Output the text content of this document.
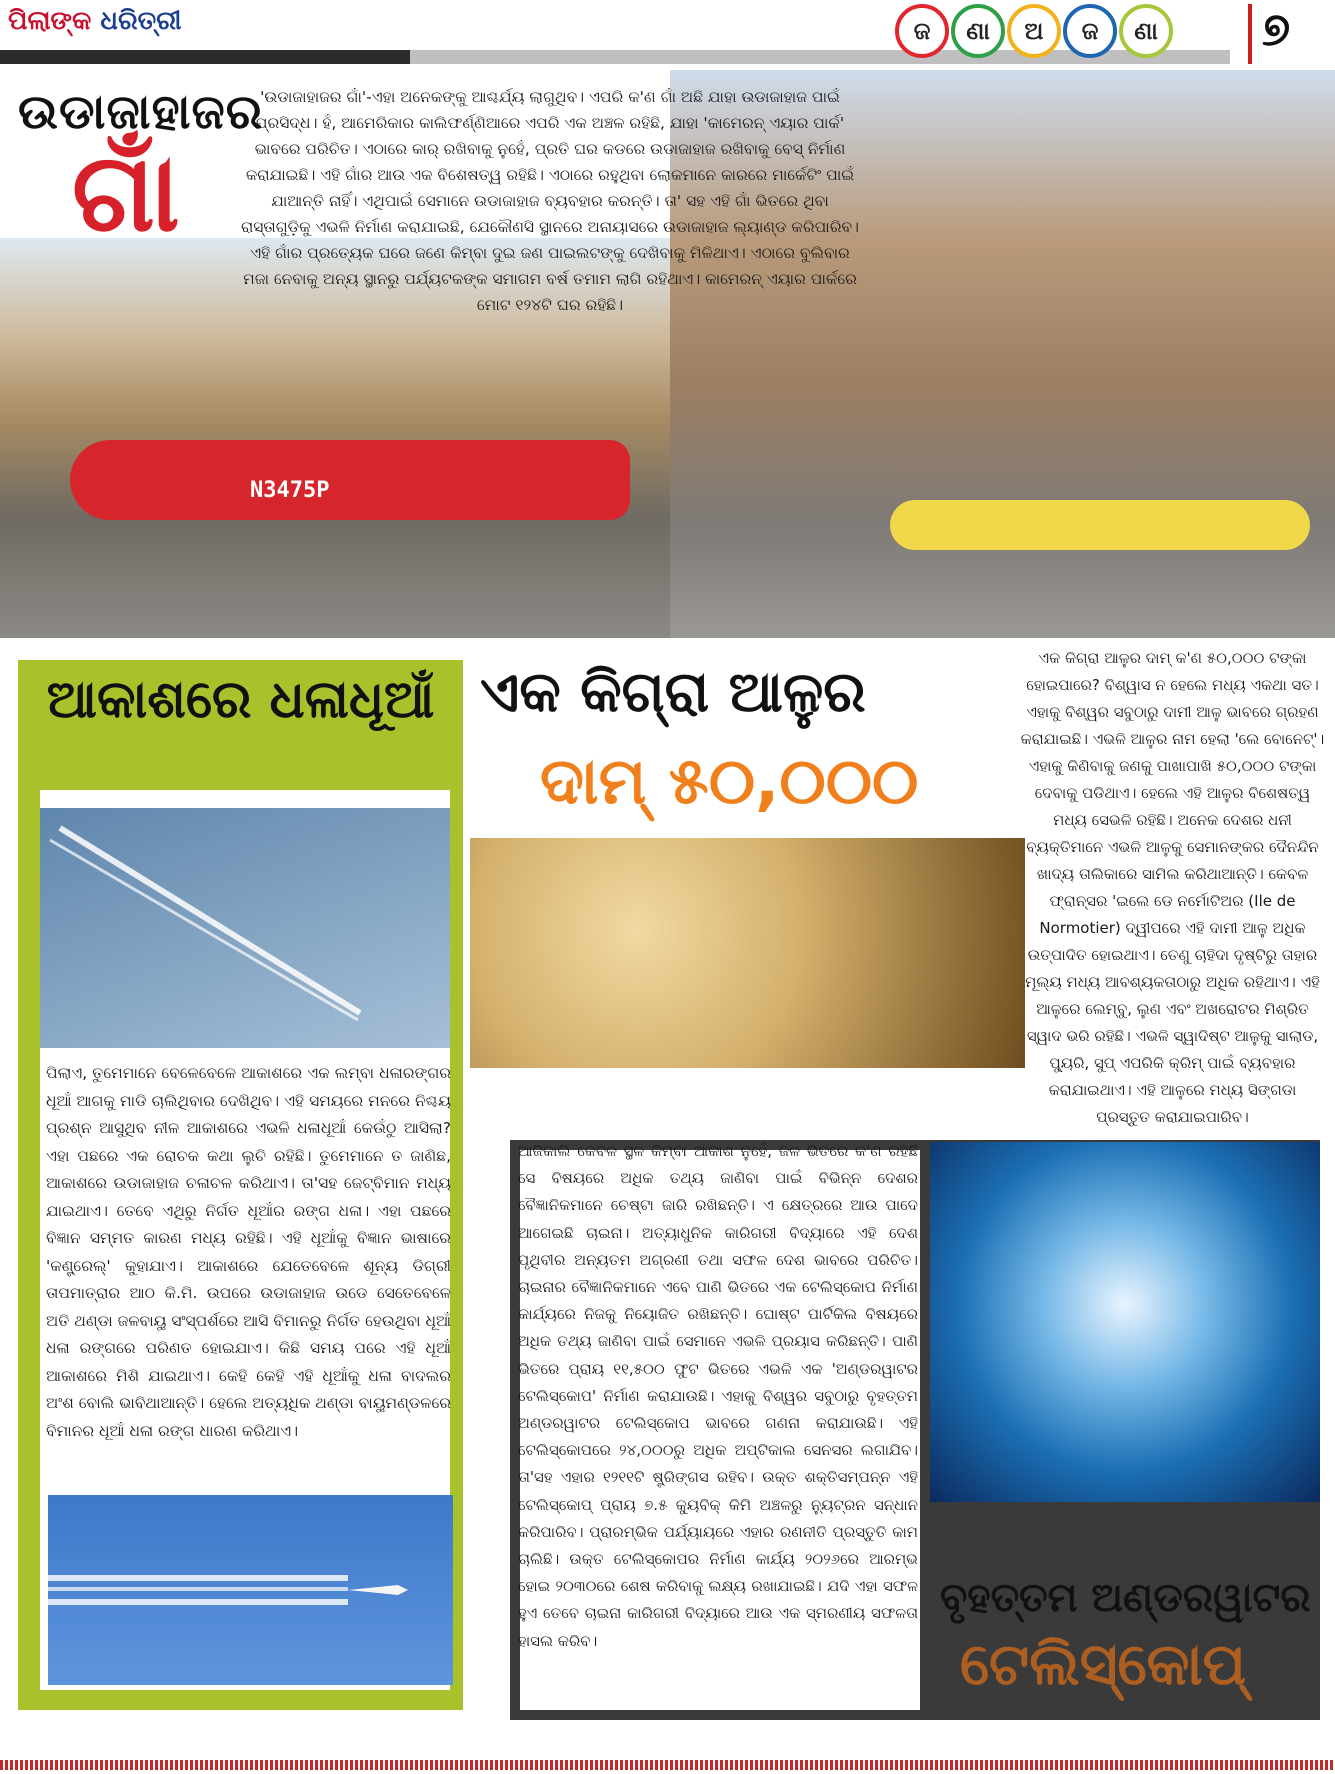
ପିଲାଙ୍କ ଧରିତ୍ରୀ	ଜ	ଣା	ଅ	ଜ	ଣା	୭
N3475P
ଉଡାଜାହାଜର
ଗାଁ
'ଉଡାଜାହାଜର ଗାଁ'-ଏହା ଅନେକଙ୍କୁ ଆଶ୍ଚର୍ଯ୍ୟ ଲାଗୁଥିବ। ଏପରି କ'ଣ ଗାଁ ଅଛି ଯାହା ଉଡାଜାହାଜ ପାଇଁ ପ୍ରସିଦ୍ଧ। ହଁ, ଆମେରିକାର କାଲିଫର୍ଣ୍ଣିଆରେ ଏପରି ଏକ ଅଞ୍ଚଳ ରହିଛି, ଯାହା 'କାମେରନ୍ ଏୟାର ପାର୍କ' ଭାବରେ ପରିଚିତ। ଏଠାରେ କାର୍ ରଖିବାକୁ ନୁହେଁ, ପ୍ରତି ଘର କଡରେ ଉଡାଜାହାଜ ରଖିବାକୁ ବେସ୍ ନିର୍ମାଣ କରାଯାଇଛି। ଏହି ଗାଁର ଆଉ ଏକ ବିଶେଷତ୍ୱ ରହିଛି। ଏଠାରେ ରହୁଥିବା ଲୋକମାନେ କାରରେ ମାର୍କେଟିଂ ପାଇଁ ଯାଆନ୍ତି ନାହିଁ। ଏଥିପାଇଁ ସେମାନେ ଉଡାଜାହାଜ ବ୍ୟବହାର କରନ୍ତି। ତା' ସହ ଏହି ଗାଁ ଭିତରେ ଥିବା ରାସ୍ତାଗୁଡ଼ିକୁ ଏଭଳି ନିର୍ମାଣ କରାଯାଇଛି, ଯେକୌଣସି ସ୍ଥାନରେ ଅନାୟାସରେ ଉଡାଜାହାଜ ଲ୍ୟାଣ୍ଡ କରିପାରିବ। ଏହି ଗାଁର ପ୍ରତ୍ୟେକ ଘରେ ଜଣେ କିମ୍ବା ଦୁଇ ଜଣ ପାଇଲଟଙ୍କୁ ଦେଖିବାକୁ ମିଳିଥାଏ। ଏଠାରେ ବୁଲିବାର ମଜା ନେବାକୁ ଅନ୍ୟ ସ୍ଥାନରୁ ପର୍ଯ୍ୟଟକଙ୍କ ସମାଗମ ବର୍ଷ ତମାମ ଲାଗି ରହିଥାଏ। କାମେରନ୍ ଏୟାର ପାର୍କରେ ମୋଟ ୧୨୪ଟି ଘର ରହିଛି।
ଆକାଶରେ ଧଳାଧୂଆଁ
ପିଲାଏ, ତୁମେମାନେ ବେଳେବେଳେ ଆକାଶରେ ଏକ ଲମ୍ବା ଧଳାରଙ୍ଗର ଧୂଆଁ ଆଗକୁ ମାଡି ଚାଲିଥିବାର ଦେଖିଥିବ। ଏହି ସମୟରେ ମନରେ ନିଶ୍ଚୟ ପ୍ରଶ୍ନ ଆସୁଥିବ ନୀଳ ଆକାଶରେ ଏଭଳି ଧଳାଧୂଆଁ କେଉଁଠୁ ଆସିଲା? ଏହା ପଛରେ ଏକ ରୋଚକ କଥା ଲୁଚି ରହିଛି। ତୁମେମାନେ ତ ଜାଣିଛ, ଆକାଶରେ ଉଡାଜାହାଜ ଚଳାଚଳ କରିଥାଏ। ତା'ସହ ଜେଟ୍‌ବିମାନ ମଧ୍ୟ ଯାଇଥାଏ। ତେବେ ଏଥିରୁ ନିର୍ଗତ ଧୂଆଁର ରଙ୍ଗ ଧଳା। ଏହା ପଛରେ ବିଜ୍ଞାନ ସମ୍ମତ କାରଣ ମଧ୍ୟ ରହିଛି। ଏହି ଧୂଆଁକୁ ବିଜ୍ଞାନ ଭାଷାରେ 'କଣ୍ଟ୍ରେଲ୍' କୁହାଯାଏ। ଆକାଶରେ ଯେତେବେଳେ ଶୂନ୍ୟ ଡିଗ୍ରୀ ତାପମାତ୍ରାର ଆଠ କି.ମି. ଉପରେ ଉଡାଜାହାଜ ଉଡେ ସେତେବେଳେ ଅତି ଥଣ୍ଡା ଜଳବାୟୁ ସଂସ୍ପର୍ଶରେ ଆସି ବିମାନରୁ ନିର୍ଗତ ହେଉଥିବା ଧୂଆଁ ଧଳା ରଙ୍ଗରେ ପରିଣତ ହୋଇଯାଏ। କିଛି ସମୟ ପରେ ଏହି ଧୂଆଁ ଆକାଶରେ ମିଶି ଯାଇଥାଏ। କେହି କେହି ଏହି ଧୂଆଁକୁ ଧଳା ବାଦଲର ଅଂଶ ବୋଲି ଭାବିଥାଆନ୍ତି। ହେଲେ ଅତ୍ୟଧିକ ଥଣ୍ଡା ବାୟୁମଣ୍ଡଳରେ ବିମାନର ଧୂଆଁ ଧଳା ରଙ୍ଗ ଧାରଣ କରିଥାଏ।
ଏକ କିଗ୍ରା ଆଳୁର
ଦାମ୍ ୫୦,୦୦୦
ଏକ କିଗ୍ରା ଆଳୁର ଦାମ୍ କ'ଣ ୫୦,୦୦୦ ଟଙ୍କା ହୋଇପାରେ? ବିଶ୍ୱାସ ନ ହେଲେ ମଧ୍ୟ ଏକଥା ସତ। ଏହାକୁ ବିଶ୍ୱର ସବୁଠାରୁ ଦାମୀ ଆଳୁ ଭାବରେ ଗ୍ରହଣ କରାଯାଇଛି। ଏଭଳି ଆଳୁର ନାମ ହେଲା 'ଲେ ବୋନେଟ୍'। ଏହାକୁ କିଣିବାକୁ ଜଣକୁ ପାଖାପାଖି ୫୦,୦୦୦ ଟଙ୍କା ଦେବାକୁ ପଡିଥାଏ। ହେଲେ ଏହି ଆଳୁର ବିଶେଷତ୍ୱ ମଧ୍ୟ ସେଭଳି ରହିଛି। ଅନେକ ଦେଶର ଧନୀ ବ୍ୟକ୍ତିମାନେ ଏଭଳି ଆଳୁକୁ ସେମାନଙ୍କର ଦୈନନ୍ଦିନ ଖାଦ୍ୟ ତାଲିକାରେ ସାମିଲ କରିଥାଆନ୍ତି। କେବଳ ଫ୍ରାନ୍ସର 'ଇଲେ ଡେ ନର୍ମୋଟିଅର (Ile de Normotier) ଦ୍ୱୀପରେ ଏହି ଦାମୀ ଆଳୁ ଅଧିକ ଉତ୍ପାଦିତ ହୋଇଥାଏ। ତେଣୁ ଚାହିଦା ଦୃଷ୍ଟିରୁ ତାହାର ମୂଲ୍ୟ ମଧ୍ୟ ଆବଶ୍ୟକତାଠାରୁ ଅଧିକ ରହିଥାଏ। ଏହି ଆଳୁରେ ଲେମ୍ବୁ, ଲୁଣ ଏବଂ ଅଖରୋଟର ମିଶ୍ରିତ ସ୍ୱାଦ ଭରି ରହିଛି। ଏଭଳି ସ୍ୱାଦିଷ୍ଟ ଆଳୁକୁ ସାଲାଡ, ପ୍ୟୁରି, ସୁପ୍ ଏପରିକି କ୍ରିମ୍ ପାଇଁ ବ୍ୟବହାର କରାଯାଇଥାଏ। ଏହି ଆଳୁରେ ମଧ୍ୟ ସିଙ୍ଗଡା ପ୍ରସ୍ତୁତ କରାଯାଇପାରିବ।
ଆଜିକାଲି କେବଳ ସ୍ଥଳ କିମ୍ବା ଆକାଶ ନୁହେଁ, ଜଳ ଭିତରେ କ'ଣ ରହିଛି ସେ ବିଷୟରେ ଅଧିକ ତଥ୍ୟ ଜାଣିବା ପାଇଁ ବିଭିନ୍ନ ଦେଶର ବୈଜ୍ଞାନିକମାନେ ଚେଷ୍ଟା ଜାରି ରଖିଛନ୍ତି। ଏ କ୍ଷେତ୍ରରେ ଆଉ ପାଦେ ଆଗେଇଛି ଚାଇନା। ଅତ୍ୟାଧୁନିକ କାରିଗରୀ ବିଦ୍ୟାରେ ଏହି ଦେଶ ପୃଥିବୀର ଅନ୍ୟତମ ଅଗ୍ରଣୀ ତଥା ସଫଳ ଦେଶ ଭାବରେ ପରିଚିତ। ଚାଇନାର ବୈଜ୍ଞାନିକମାନେ ଏବେ ପାଣି ଭିତରେ ଏକ ଟେଲିସ୍କୋପ ନିର୍ମାଣ କାର୍ଯ୍ୟରେ ନିଜକୁ ନିୟୋଜିତ ରଖିଛନ୍ତି। ଘୋଷ୍ଟ ପାର୍ଟିକିଲ ବିଷୟରେ ଅଧିକ ତଥ୍ୟ ଜାଣିବା ପାଇଁ ସେମାନେ ଏଭଳି ପ୍ରୟାସ କରିଛନ୍ତି। ପାଣି ଭିତରେ ପ୍ରାୟ ୧୧,୫୦୦ ଫୁଟ ଭିତରେ ଏଭଳି ଏକ 'ଅଣ୍ଡରୱାଟର ଟେଲିସ୍କୋପ' ନିର୍ମାଣ କରାଯାଉଛି। ଏହାକୁ ବିଶ୍ୱର ସବୁଠାରୁ ବୃହତ୍ତମ ଅଣ୍ଡରୱାଟର ଟେଲିସ୍କୋପ ଭାବରେ ଗଣନା କରାଯାଉଛି। ଏହି ଟେଲିସ୍କୋପରେ ୨୪,୦୦୦ରୁ ଅଧିକ ଅପ୍ଟିକାଲ ସେନସର ଲଗାଯିବ। ତା'ସହ ଏହାର ୧୨୧୧ଟି ଷ୍ଟ୍ରିଙ୍ଗସ ରହିବ। ଉକ୍ତ ଶକ୍ତିସମ୍ପନ୍ନ ଏହି ଟେଲିସ୍କୋପ୍ ପ୍ରାୟ ୭.୫ କ୍ୟୁବିକ୍ କିମି ଅଞ୍ଚଳରୁ ନ୍ୟୁଟ୍ରନ ସନ୍ଧାନ କରିପାରିବ। ପ୍ରାରମ୍ଭିକ ପର୍ଯ୍ୟାୟରେ ଏହାର ରଣନୀତି ପ୍ରସ୍ତୁତି କାମ ଚାଲିଛି। ଉକ୍ତ ଟେଲିସ୍କୋପର ନିର୍ମାଣ କାର୍ଯ୍ୟ ୨୦୨୬ରେ ଆରମ୍ଭ ହୋଇ ୨୦୩୦ରେ ଶେଷ କରିବାକୁ ଲକ୍ଷ୍ୟ ରଖାଯାଇଛି। ଯଦି ଏହା ସଫଳ ହୁଏ ତେବେ ଚାଇନା କାରିଗରୀ ବିଦ୍ୟାରେ ଆଉ ଏକ ସ୍ମରଣୀୟ ସଫଳତା ହାସଲ କରିବ।
ବୃହତ୍ତମ ଅଣ୍ଡରୱାଟର
ଟେଲିସ୍କୋପ୍
